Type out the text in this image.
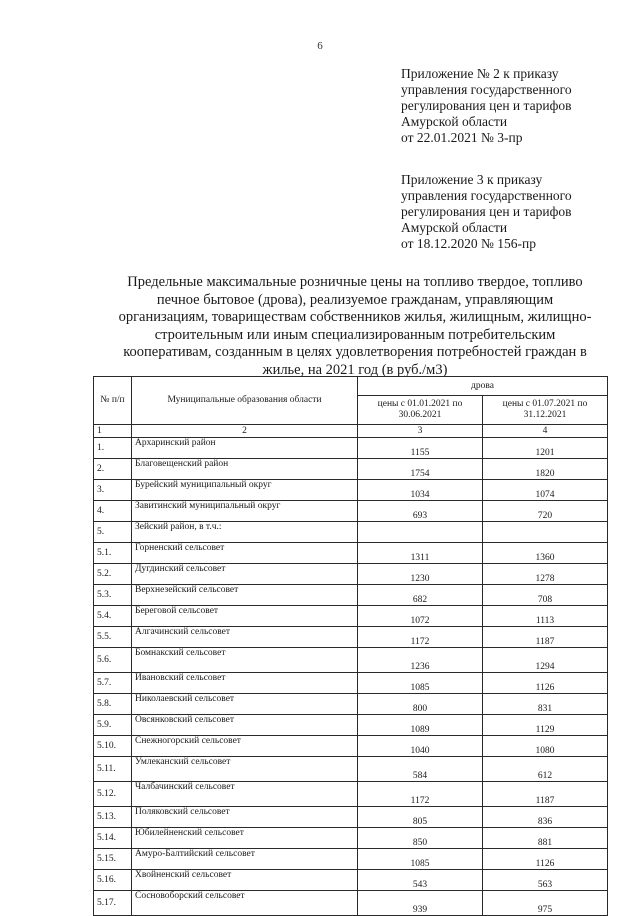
6
Приложение № 2 к приказу
управления государственного
регулирования цен и тарифов
Амурской области
от 22.01.2021 № 3-пр
Приложение 3 к приказу
управления государственного
регулирования цен и тарифов
Амурской области
от 18.12.2020 № 156-пр
Предельные максимальные розничные цены на топливо твердое, топливо
печное бытовое (дрова), реализуемое гражданам, управляющим
организациям, товариществам собственников жилья, жилищным, жилищно-
строительным или иным специализированным потребительским
кооперативам, созданным в целях удовлетворения потребностей граждан в
жилье, на 2021 год (в руб./м3)
№ п/п	Муниципальные образования области	дрова	
		цены с 01.01.2021 по 30.06.2021	цены с 01.07.2021 по 31.12.2021
1	2	3	4
1.	Архаринский район	1155	1201
2.	Благовещенский район	1754	1820
3.	Бурейский муниципальный округ	1034	1074
4.	Завитинский муниципальный округ	693	720
5.	Зейский район, в т.ч.:		
5.1.	Горненский сельсовет	1311	1360
5.2.	Дугдинский сельсовет	1230	1278
5.3.	Верхнезейский сельсовет	682	708
5.4.	Береговой сельсовет	1072	1113
5.5.	Алгачинский сельсовет	1172	1187
5.6.	Бомнакский сельсовет	1236	1294
5.7.	Ивановский сельсовет	1085	1126
5.8.	Николаевский сельсовет	800	831
5.9.	Овсянковский сельсовет	1089	1129
5.10.	Снежногорский сельсовет	1040	1080
5.11.	Умлеканский сельсовет	584	612
5.12.	Чалбачинский сельсовет	1172	1187
5.13.	Поляковский сельсовет	805	836
5.14.	Юбилейненский сельсовет	850	881
5.15.	Амуро-Балтийский сельсовет	1085	1126
5.16.	Хвойненский сельсовет	543	563
5.17.	Сосновоборский сельсовет	939	975
